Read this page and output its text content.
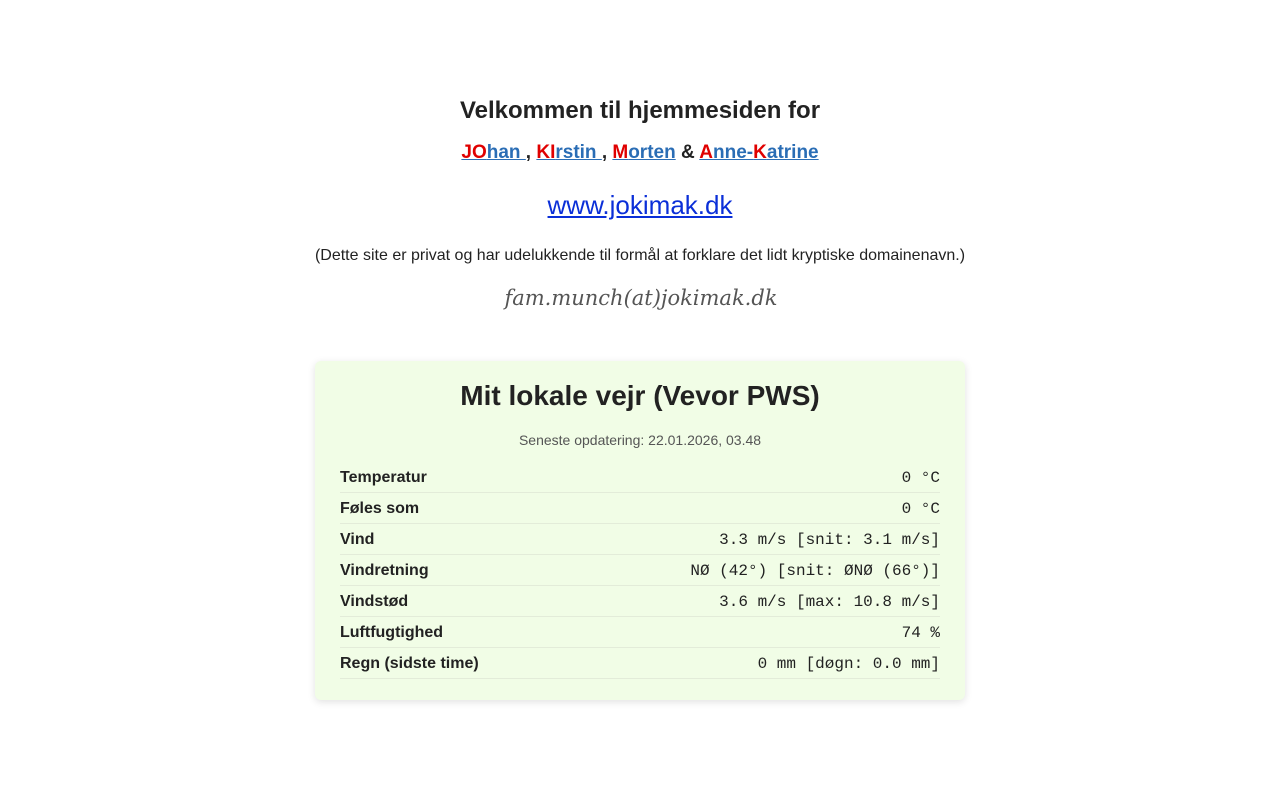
Velkommen til hjemmesiden for
JOhan , KIrstin , Morten & Anne-Katrine
www.jokimak.dk
(Dette site er privat og har udelukkende til formål at forklare det lidt kryptiske domainenavn.)
fam.munch(at)jokimak.dk
Mit lokale vejr (Vevor PWS)
Seneste opdatering: 22.01.2026, 03.48
Temperatur	0 °C
Føles som	0 °C
Vind	3.3 m/s [snit: 3.1 m/s]
Vindretning	NØ (42°) [snit: ØNØ (66°)]
Vindstød	3.6 m/s [max: 10.8 m/s]
Luftfugtighed	74 %
Regn (sidste time)	0 mm [døgn: 0.0 mm]
